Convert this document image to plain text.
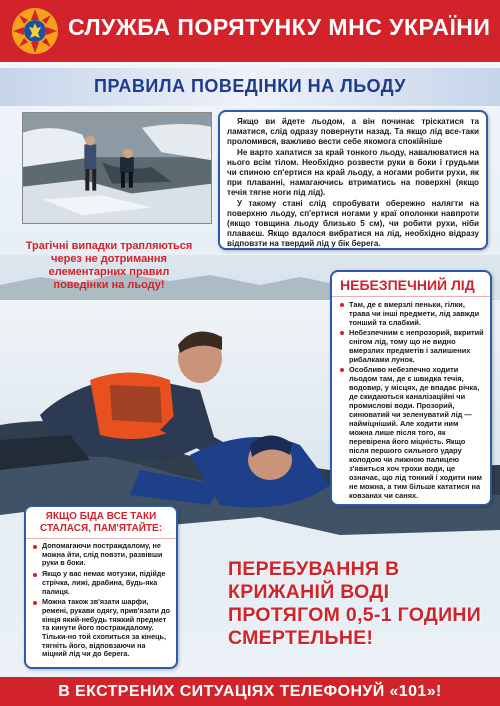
СЛУЖБА ПОРЯТУНКУ МНС УКРАЇНИ
ПРАВИЛА ПОВЕДІНКИ НА ЛЬОДУ

Якщо ви йдете льодом, а він починає тріскатися та ламатися, слід одразу повернути назад. Та якщо лід все-таки проломився, важливо вести себе якомога спокійніше

Не варто хапатися за край тонкого льоду, навалюватися на нього всім тілом. Необхідно розвести руки в боки і грудьми чи спиною сп'ертися на край льоду, а ногами робити рухи, як при плаванні, намагаючись втриматись на поверхні (якщо течія тягне ноги під лід).

У такому стані слід спробувати обережно налягти на поверхню льоду, сп'ертися ногами у краї ополонки навпроти (якщо товщина льоду близько 5 см), чи робити рухи, ніби плаваєш. Якщо вдалося вибратися на лід, необхідно відразу відповзти на твердий лід у бік берега.

Трагічні випадки трапляються через не дотримання елементарних правил поведінки на льоду!	НЕБЕЗПЕЧНИЙ ЛІД
Там, де є вмерзлі пеньки, гілки, трава чи інші предмети, лід завжди тонший та слабкий.
Небезпечним є непрозорий, вкритий снігом лід, тому що не видно вмерзлих предметів і залишених рибалками лунок.
Особливо небезпечно ходити льодом там, де є швидка течія, водовир, у місцях, де впадає річка, де скидаються каналізаційні чи промислові води. Прозорий, синюватий чи зеленуватий лід — найміцніший. Але ходити ним можна лише після того, як перевірена його міцність. Якщо після першого сильного удару колодою чи лижною палицею з'явиться хоч трохи води, це означає, що лід тонкий і ходити ним не можна, а тим більше кататися на ковзанах чи санях.
ЯКЩО БІДА ВСЕ ТАКИ СТАЛАСЯ, ПАМ'ЯТАЙТЕ:
Допомагаючи постраждалому, не можна йти, слід повзти, развівши руки в боки.
Якщо у вас немає мотузки, підійде стрічка, лижі, драбина, будь-яка палиця.
Можна також зв'язати шарфи, ремені, рукави одягу, прив'язати до кінця який-небудь тяжкий предмет та кинути його постраждалому. Тільки-но той схопиться за кінець, тягніть його, відповзаючи на міцний лід чи до берега.
ПЕРЕБУВАННЯ В КРИЖАНІЙ ВОДІ ПРОТЯГОМ 0,5-1 ГОДИНИ СМЕРТЕЛЬНЕ!
В ЕКСТРЕНИХ СИТУАЦІЯХ ТЕЛЕФОНУЙ «101»!
